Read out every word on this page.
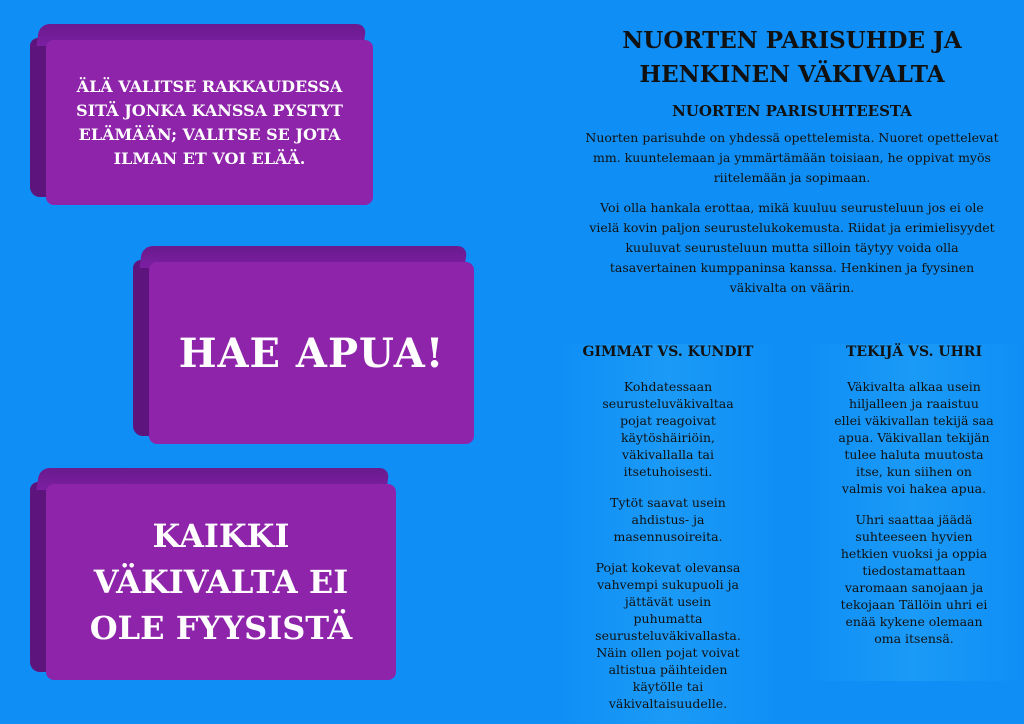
ÄLÄ VALITSE RAKKAUDESSA SITÄ JONKA KANSSA PYSTYT ELÄMÄÄN; VALITSE SE JOTA ILMAN ET VOI ELÄÄ.
HAE APUA!
KAIKKI VÄKIVALTA EI OLE FYYSISTÄ
NUORTEN PARISUHDE JA HENKINEN VÄKIVALTA
NUORTEN PARISUHTEESTA

Nuorten parisuhde on yhdessä opettelemista. Nuoret opettelevat mm. kuuntelemaan ja ymmärtämään toisiaan, he oppivat myös riitelemään ja sopimaan.

Voi olla hankala erottaa, mikä kuuluu seurusteluun jos ei ole vielä kovin paljon seurustelukokemusta. Riidat ja erimielisyydet kuuluvat seurusteluun mutta silloin täytyy voida olla tasavertainen kumppaninsa kanssa. Henkinen ja fyysinen väkivalta on väärin.

GIMMAT VS. KUNDIT

Kohdatessaan seurusteluväkivaltaa pojat reagoivat käytöshäiriöin, väkivallalla tai itsetuhoisesti.

Tytöt saavat usein ahdistus- ja masennusoireita.

Pojat kokevat olevansa vahvempi sukupuoli ja jättävät usein puhumatta seurusteluväkivallasta. Näin ollen pojat voivat altistua päihteiden käytölle tai väkivaltaisuudelle.

TEKIJÄ VS. UHRI

Väkivalta alkaa usein hiljalleen ja raaistuu ellei väkivallan tekijä saa apua. Väkivallan tekijän tulee haluta muutosta itse, kun siihen on valmis voi hakea apua.

Uhri saattaa jäädä suhteeseen hyvien hetkien vuoksi ja oppia tiedostamattaan varomaan sanojaan ja tekojaan Tällöin uhri ei enää kykene olemaan oma itsensä.
